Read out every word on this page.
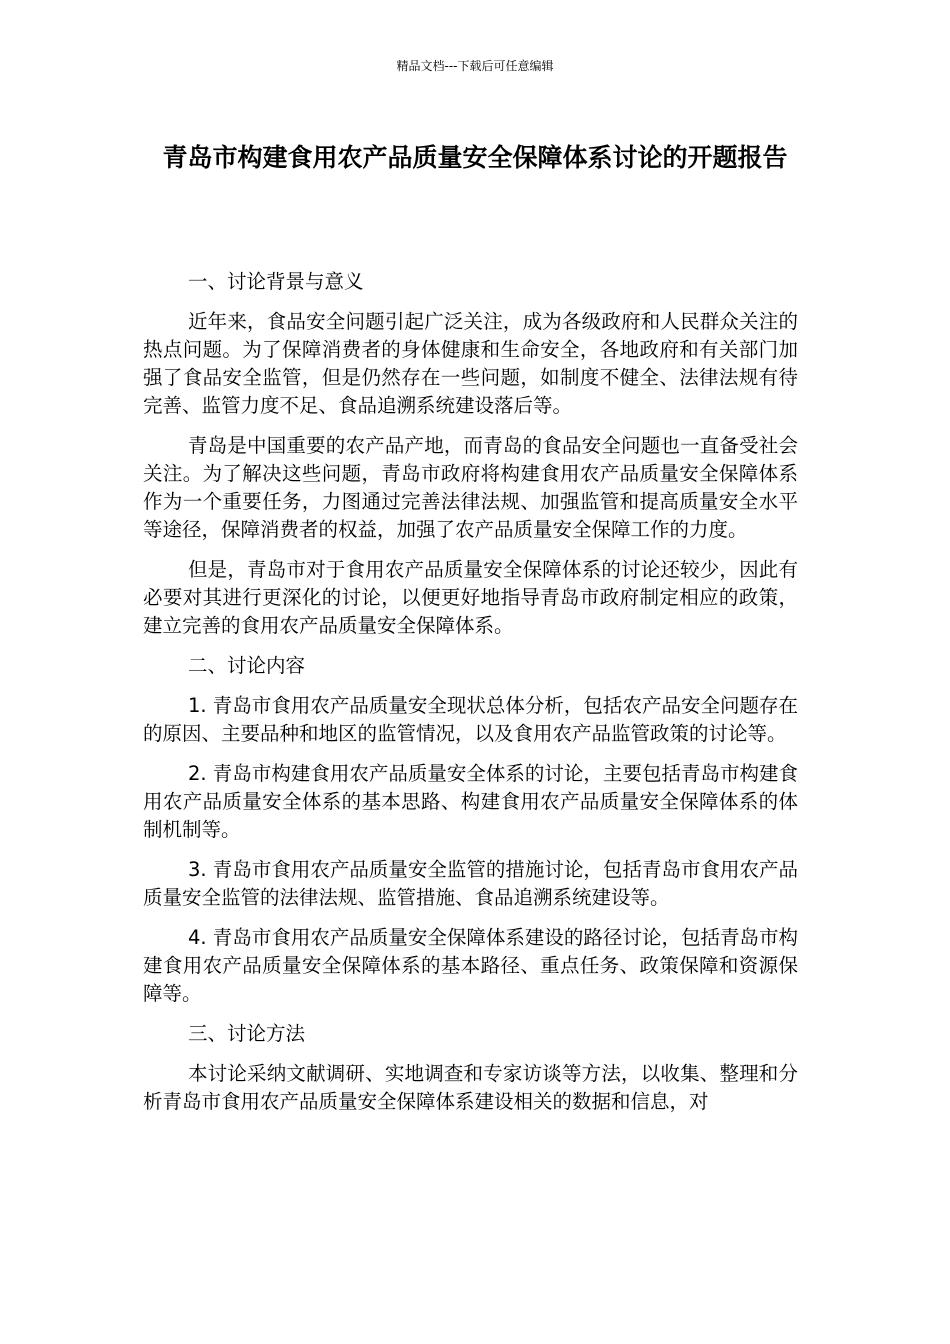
精品文档---下载后可任意编辑
青岛市构建食用农产品质量安全保障体系讨论的开题报告

一、讨论背景与意义

近年来，食品安全问题引起广泛关注，成为各级政府和人民群众关注的热点问题。为了保障消费者的身体健康和生命安全，各地政府和有关部门加强了食品安全监管，但是仍然存在一些问题，如制度不健全、法律法规有待完善、监管力度不足、食品追溯系统建设落后等。

青岛是中国重要的农产品产地，而青岛的食品安全问题也一直备受社会关注。为了解决这些问题，青岛市政府将构建食用农产品质量安全保障体系作为一个重要任务，力图通过完善法律法规、加强监管和提高质量安全水平等途径，保障消费者的权益，加强了农产品质量安全保障工作的力度。

但是，青岛市对于食用农产品质量安全保障体系的讨论还较少，因此有必要对其进行更深化的讨论，以便更好地指导青岛市政府制定相应的政策，建立完善的食用农产品质量安全保障体系。

二、讨论内容

1. 青岛市食用农产品质量安全现状总体分析，包括农产品安全问题存在的原因、主要品种和地区的监管情况，以及食用农产品监管政策的讨论等。

2. 青岛市构建食用农产品质量安全体系的讨论，主要包括青岛市构建食用农产品质量安全体系的基本思路、构建食用农产品质量安全保障体系的体制机制等。

3. 青岛市食用农产品质量安全监管的措施讨论，包括青岛市食用农产品质量安全监管的法律法规、监管措施、食品追溯系统建设等。

4. 青岛市食用农产品质量安全保障体系建设的路径讨论，包括青岛市构建食用农产品质量安全保障体系的基本路径、重点任务、政策保障和资源保障等。

三、讨论方法

本讨论采纳文献调研、实地调查和专家访谈等方法，以收集、整理和分析青岛市食用农产品质量安全保障体系建设相关的数据和信息，对
